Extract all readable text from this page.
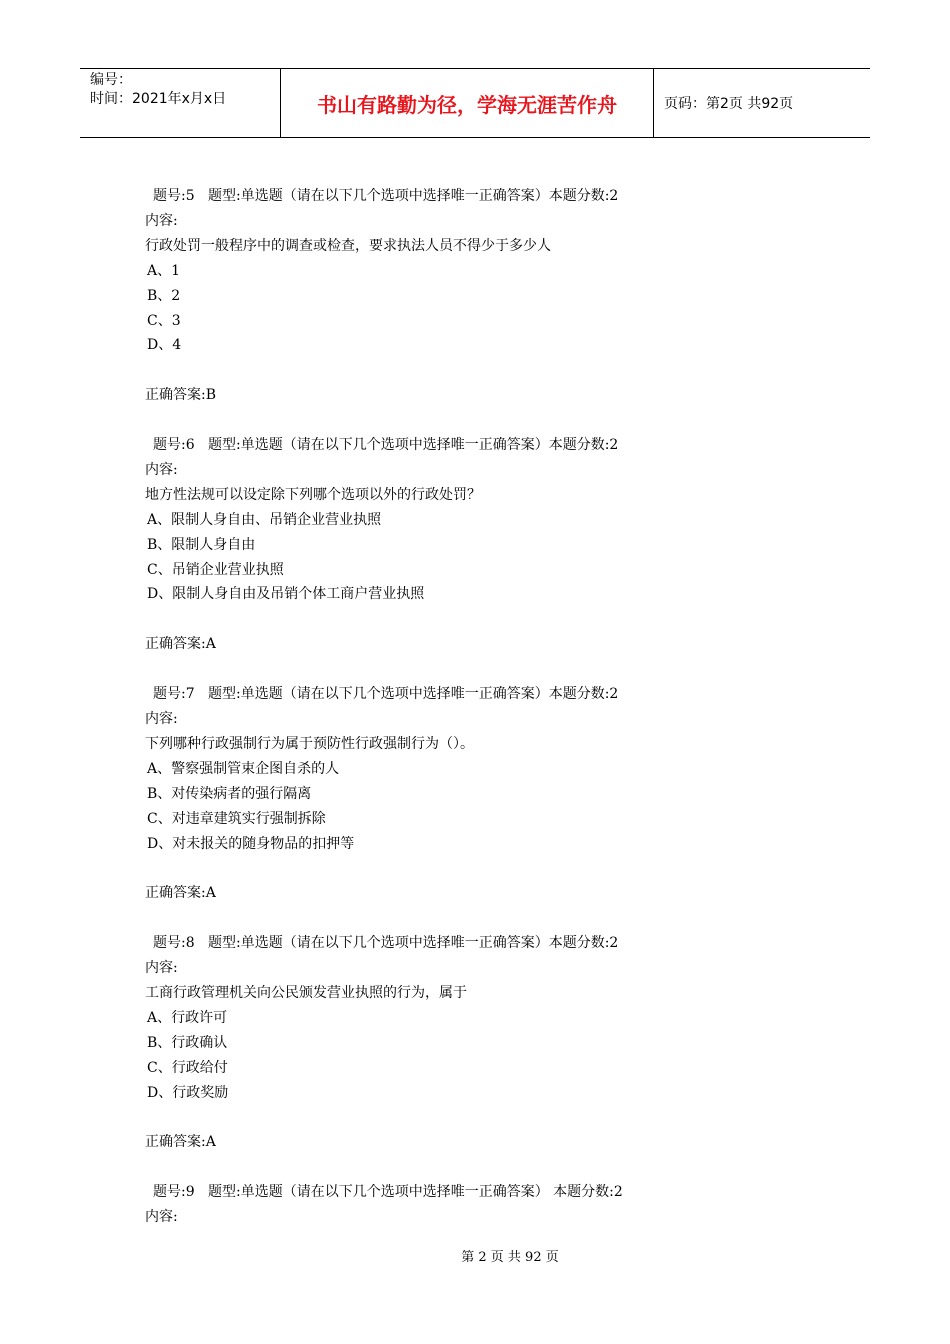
编号：
时间：2021年x月x日	书山有路勤为径，学海无涯苦作舟	页码：第2页 共92页
题号:5   题型:单选题（请在以下几个选项中选择唯一正确答案）本题分数:2
内容:
行政处罚一般程序中的调查或检查，要求执法人员不得少于多少人
A、1
B、2
C、3
D、4
正确答案:B
题号:6   题型:单选题（请在以下几个选项中选择唯一正确答案）本题分数:2
内容:
地方性法规可以设定除下列哪个选项以外的行政处罚？
A、限制人身自由、吊销企业营业执照
B、限制人身自由
C、吊销企业营业执照
D、限制人身自由及吊销个体工商户营业执照
正确答案:A
题号:7   题型:单选题（请在以下几个选项中选择唯一正确答案）本题分数:2
内容:
下列哪种行政强制行为属于预防性行政强制行为（）。
A、警察强制管束企图自杀的人
B、对传染病者的强行隔离
C、对违章建筑实行强制拆除
D、对未报关的随身物品的扣押等
正确答案:A
题号:8   题型:单选题（请在以下几个选项中选择唯一正确答案）本题分数:2
内容:
工商行政管理机关向公民颁发营业执照的行为，属于
A、行政许可
B、行政确认
C、行政给付
D、行政奖励
正确答案:A
题号:9   题型:单选题（请在以下几个选项中选择唯一正确答案） 本题分数:2
内容:
第 2 页 共 92 页
